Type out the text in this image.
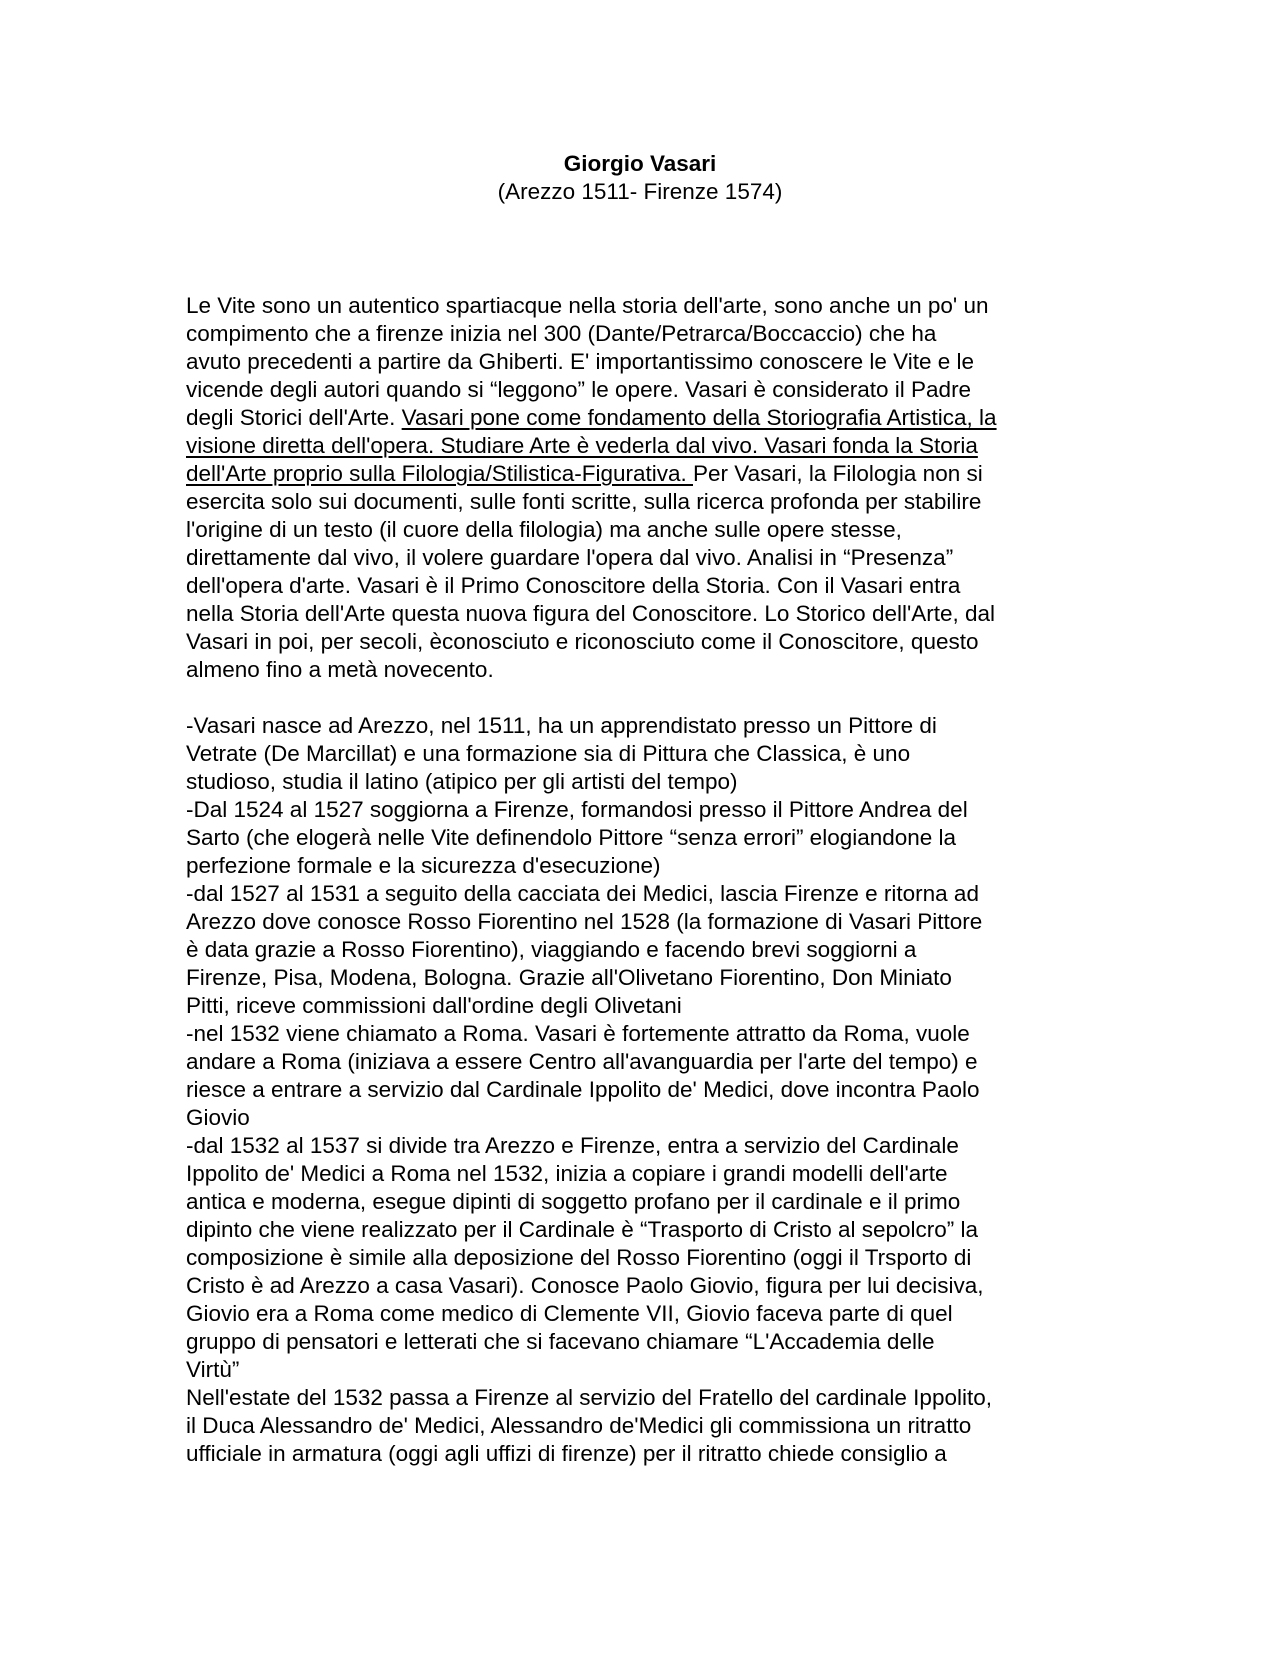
Giorgio Vasari
(Arezzo 1511- Firenze 1574)
Le Vite sono un autentico spartiacque nella storia dell'arte, sono anche un po' un
compimento che a firenze inizia nel 300 (Dante/Petrarca/Boccaccio) che ha
avuto precedenti a partire da Ghiberti. E' importantissimo conoscere le Vite e le
vicende degli autori quando si “leggono” le opere. Vasari è considerato il Padre
degli Storici dell'Arte. Vasari pone come fondamento della Storiografia Artistica, la
visione diretta dell'opera. Studiare Arte è vederla dal vivo. Vasari fonda la Storia
dell'Arte proprio sulla Filologia/Stilistica-Figurativa. Per Vasari, la Filologia non si
esercita solo sui documenti, sulle fonti scritte, sulla ricerca profonda per stabilire
l'origine di un testo (il cuore della filologia) ma anche sulle opere stesse,
direttamente dal vivo, il volere guardare l'opera dal vivo. Analisi in “Presenza”
dell'opera d'arte. Vasari è il Primo Conoscitore della Storia. Con il Vasari entra
nella Storia dell'Arte questa nuova figura del Conoscitore. Lo Storico dell'Arte, dal
Vasari in poi, per secoli, èconosciuto e riconosciuto come il Conoscitore, questo
almeno fino a metà novecento.
-Vasari nasce ad Arezzo, nel 1511, ha un apprendistato presso un Pittore di
Vetrate (De Marcillat) e una formazione sia di Pittura che Classica, è uno
studioso, studia il latino (atipico per gli artisti del tempo)
-Dal 1524 al 1527 soggiorna a Firenze, formandosi presso il Pittore Andrea del
Sarto (che elogerà nelle Vite definendolo Pittore “senza errori” elogiandone la
perfezione formale e la sicurezza d'esecuzione)
-dal 1527 al 1531 a seguito della cacciata dei Medici, lascia Firenze e ritorna ad
Arezzo dove conosce Rosso Fiorentino nel 1528 (la formazione di Vasari Pittore
è data grazie a Rosso Fiorentino), viaggiando e facendo brevi soggiorni a
Firenze, Pisa, Modena, Bologna. Grazie all'Olivetano Fiorentino, Don Miniato
Pitti, riceve commissioni dall'ordine degli Olivetani
-nel 1532 viene chiamato a Roma. Vasari è fortemente attratto da Roma, vuole
andare a Roma (iniziava a essere Centro all'avanguardia per l'arte del tempo) e
riesce a entrare a servizio dal Cardinale Ippolito de' Medici, dove incontra Paolo
Giovio
-dal 1532 al 1537 si divide tra Arezzo e Firenze, entra a servizio del Cardinale
Ippolito de' Medici a Roma nel 1532, inizia a copiare i grandi modelli dell'arte
antica e moderna, esegue dipinti di soggetto profano per il cardinale e il primo
dipinto che viene realizzato per il Cardinale è “Trasporto di Cristo al sepolcro” la
composizione è simile alla deposizione del Rosso Fiorentino (oggi il Trsporto di
Cristo è ad Arezzo a casa Vasari). Conosce Paolo Giovio, figura per lui decisiva,
Giovio era a Roma come medico di Clemente VII, Giovio faceva parte di quel
gruppo di pensatori e letterati che si facevano chiamare “L'Accademia delle
Virtù”
Nell'estate del 1532 passa a Firenze al servizio del Fratello del cardinale Ippolito,
il Duca Alessandro de' Medici, Alessandro de'Medici gli commissiona un ritratto
ufficiale in armatura (oggi agli uffizi di firenze) per il ritratto chiede consiglio a
